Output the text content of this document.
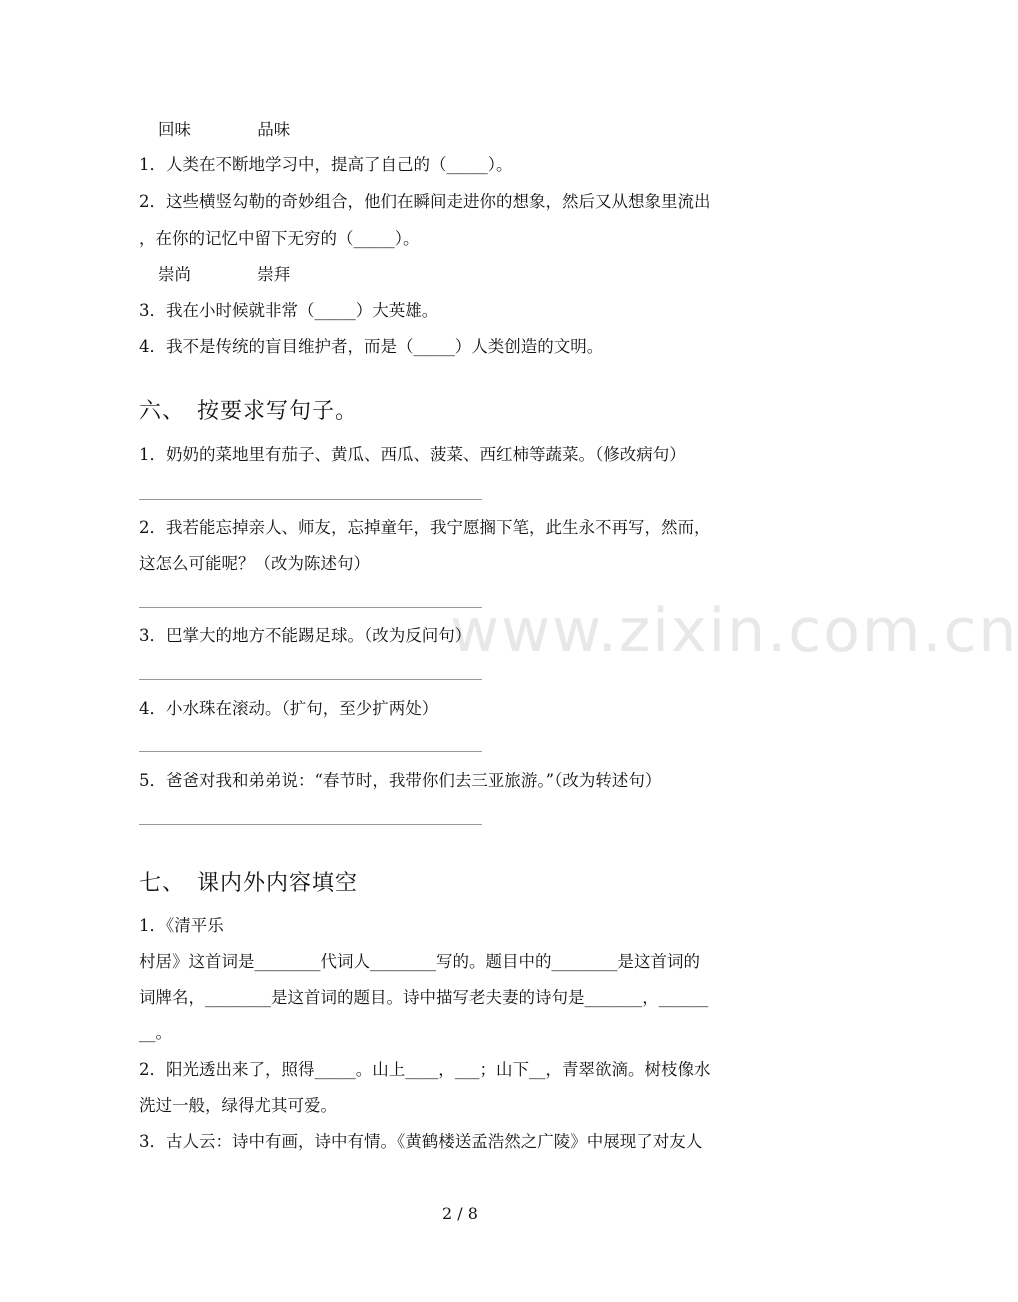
www.zixin.com.cn
回味	品味
1．人类在不断地学习中，提高了自己的（_____）。
2．这些横竖勾勒的奇妙组合，他们在瞬间走进你的想象，然后又从想象里流出
，在你的记忆中留下无穷的（_____）。
崇尚	崇拜
3．我在小时候就非常（_____）大英雄。
4．我不是传统的盲目维护者，而是（_____）人类创造的文明。
六、　按要求写句子。
1．奶奶的菜地里有茄子、黄瓜、西瓜、菠菜、西红柿等蔬菜。（修改病句）
2．我若能忘掉亲人、师友，忘掉童年，我宁愿搁下笔，此生永不再写，然而，
这怎么可能呢？（改为陈述句）
3．巴掌大的地方不能踢足球。（改为反问句）
4．小水珠在滚动。（扩句，至少扩两处）
5．爸爸对我和弟弟说：“春节时，我带你们去三亚旅游。”（改为转述句）
七、　课内外内容填空
1．《清平乐
村居》这首词是________代词人________写的。题目中的________是这首词的
词牌名，________是这首词的题目。诗中描写老夫妻的诗句是_______，______
__。
2．阳光透出来了，照得_____。山上____，___；山下__，青翠欲滴。树枝像水
洗过一般，绿得尤其可爱。
3．古人云：诗中有画，诗中有情。《黄鹤楼送孟浩然之广陵》中展现了对友人
2 / 8
